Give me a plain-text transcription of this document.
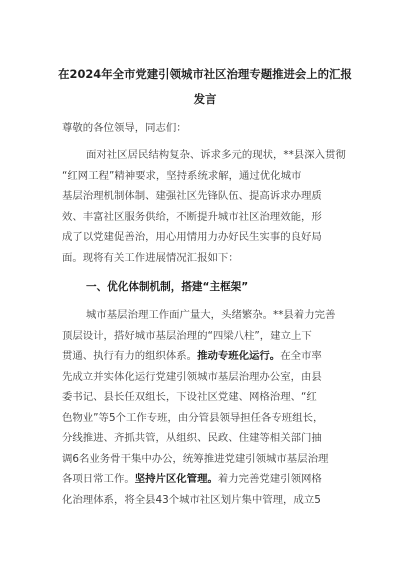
在2024年全市党建引领城市社区治理专题推进会上的汇报
发言
尊敬的各位领导，同志们：
面对社区居民结构复杂、诉求多元的现状，**县深入贯彻
“红网工程”精神要求，坚持系统求解，通过优化城市
基层治理机制体制、建强社区先锋队伍、提高诉求办理质
效、丰富社区服务供给，不断提升城市社区治理效能，形
成了以党建促善治，用心用情用力办好民生实事的良好局
面。现将有关工作进展情况汇报如下：
一、优化体制机制，搭建“主框架”
城市基层治理工作面广量大，头绪繁杂。**县着力完善
顶层设计，搭好城市基层治理的“四梁八柱”，建立上下
贯通、执行有力的组织体系。推动专班化运行。在全市率
先成立并实体化运行党建引领城市基层治理办公室，由县
委书记、县长任双组长，下设社区党建、网格治理、“红
色物业”等5个工作专班，由分管县领导担任各专班组长，
分线推进、齐抓共管，从组织、民政、住建等相关部门抽
调6名业务骨干集中办公，统筹推进党建引领城市基层治理
各项日常工作。坚持片区化管理。着力完善党建引领网格
化治理体系，将全县43个城市社区划片集中管理，成立5
